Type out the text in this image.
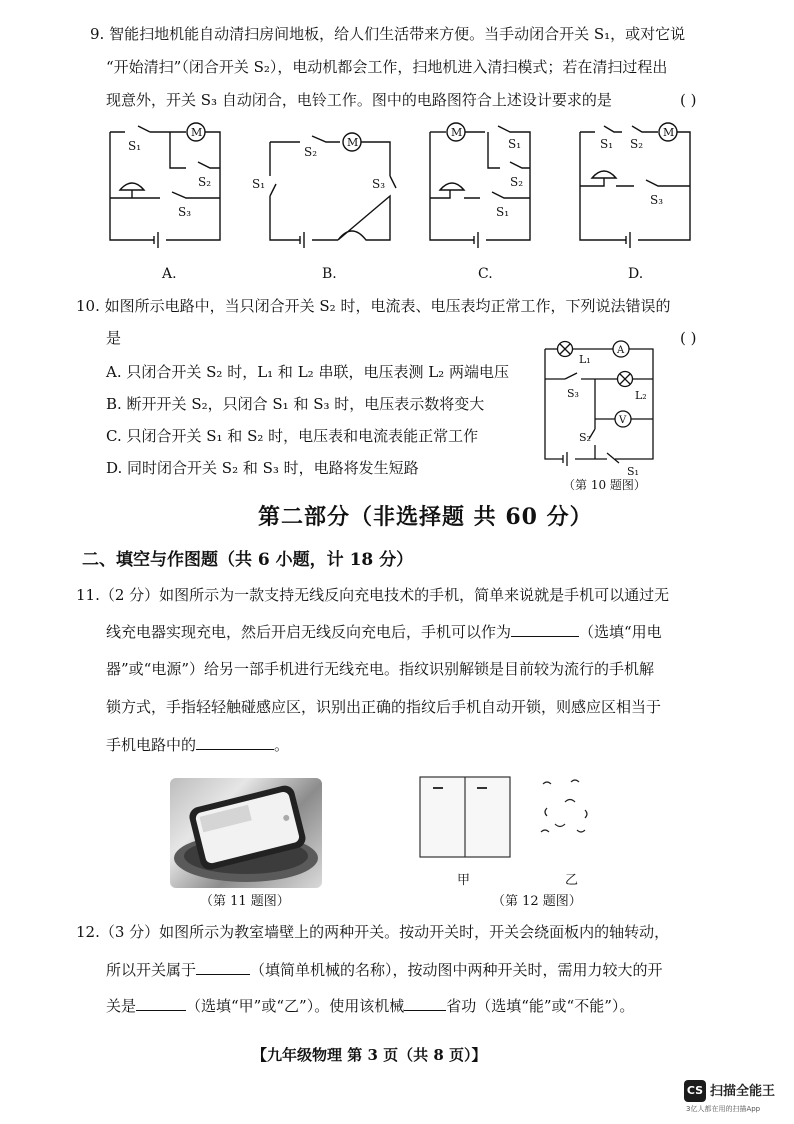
9. 智能扫地机能自动清扫房间地板，给人们生活带来方便。当手动闭合开关 S₁，或对它说
“开始清扫”（闭合开关 S₂），电动机都会工作，扫地机进入清扫模式；若在清扫过程出
现意外，开关 S₃ 自动闭合，电铃工作。图中的电路图符合上述设计要求的是	( )
S₁
M
S₂
S₃
S₂
M
S₁	S₃
M
S₁
S₂
S₁
S₁ S₂
M
S₃
A.	B.	C.	D.
10. 如图所示电路中，当只闭合开关 S₂ 时，电流表、电压表均正常工作，下列说法错误的
是	( )
A. 只闭合开关 S₂ 时，L₁ 和 L₂ 串联，电压表测 L₂ 两端电压
B. 断开开关 S₂，只闭合 S₁ 和 S₃ 时，电压表示数将变大
C. 只闭合开关 S₁ 和 S₂ 时，电压表和电流表能正常工作
D. 同时闭合开关 S₂ 和 S₃ 时，电路将发生短路
L₁
A
L₂
V
S₃
S₂
S₁
（第 10 题图）
第二部分（非选择题 共 60 分）
二、填空与作图题（共 6 小题，计 18 分）
11.（2 分）如图所示为一款支持无线反向充电技术的手机，简单来说就是手机可以通过无
线充电器实现充电，然后开启无线反向充电后，手机可以作为	（选填“用电
器”或“电源”）给另一部手机进行无线充电。指纹识别解锁是目前较为流行的手机解
锁方式，手指轻轻触碰感应区，识别出正确的指纹后手机自动开锁，则感应区相当于
手机电路中的	。
（第 11 题图）
甲	乙
（第 12 题图）
12.（3 分）如图所示为教室墙壁上的两种开关。按动开关时，开关会绕面板内的轴转动，
所以开关属于	（填简单机械的名称），按动图中两种开关时，需用力较大的开
关是	（选填“甲”或“乙”）。使用该机械	省功（选填“能”或“不能”）。
【九年级物理 第 3 页（共 8 页）】
CS 扫描全能王
3亿人都在用的扫描App
